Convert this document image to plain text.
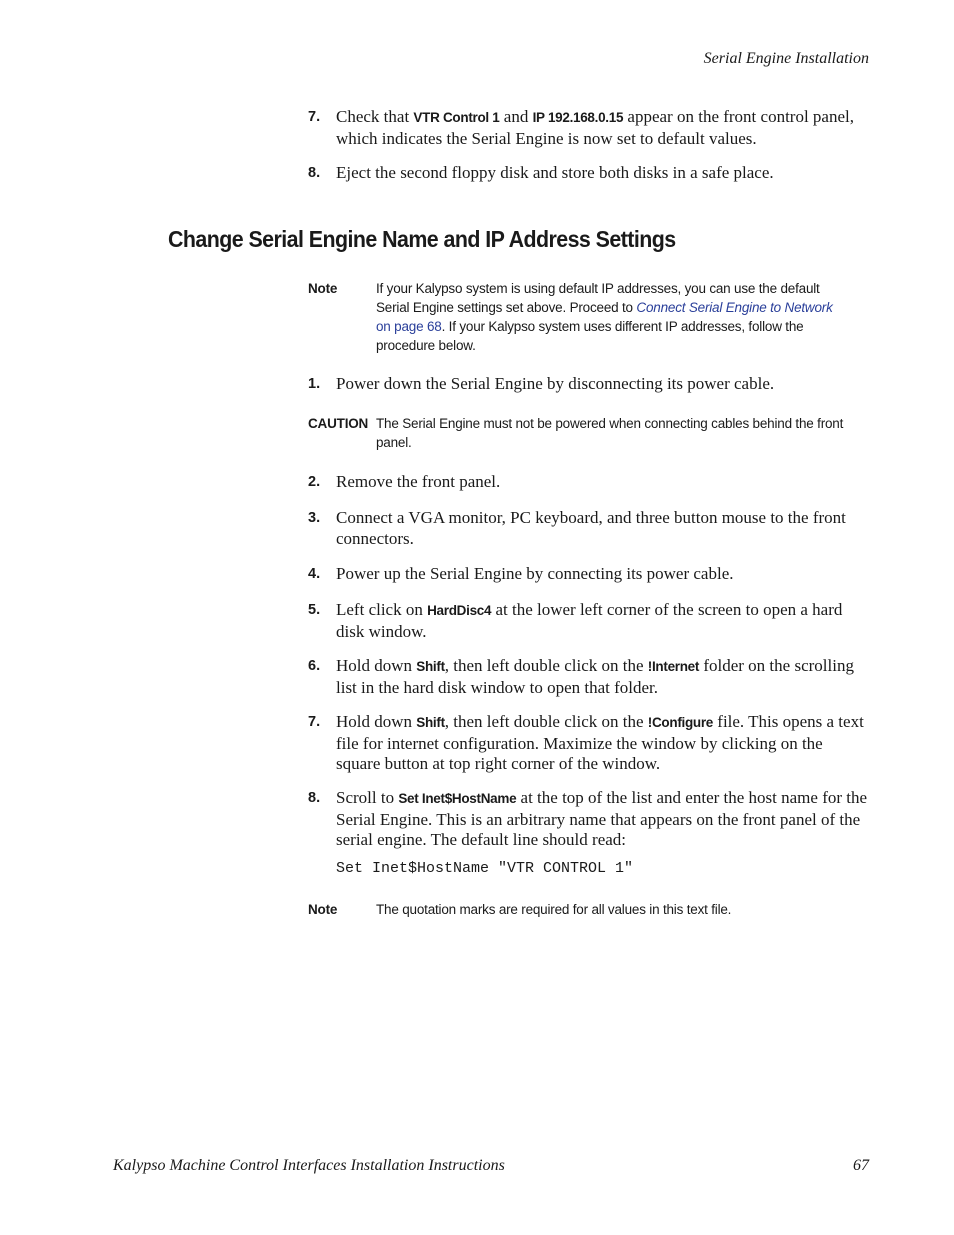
Serial Engine Installation
7. Check that VTR Control 1 and IP 192.168.0.15 appear on the front control panel, which indicates the Serial Engine is now set to default values.
8. Eject the second floppy disk and store both disks in a safe place.
Change Serial Engine Name and IP Address Settings
Note	If your Kalypso system is using default IP addresses, you can use the default Serial Engine settings set above. Proceed to Connect Serial Engine to Network on page 68. If your Kalypso system uses different IP addresses, follow the procedure below.
1. Power down the Serial Engine by disconnecting its power cable.
CAUTION The Serial Engine must not be powered when connecting cables behind the front panel.
2. Remove the front panel.
3. Connect a VGA monitor, PC keyboard, and three button mouse to the front connectors.
4. Power up the Serial Engine by connecting its power cable.
5. Left click on HardDisc4 at the lower left corner of the screen to open a hard disk window.
6. Hold down Shift, then left double click on the !Internet folder on the scrolling list in the hard disk window to open that folder.
7. Hold down Shift, then left double click on the !Configure file. This opens a text file for internet configuration. Maximize the window by clicking on the square button at top right corner of the window.
8. Scroll to Set Inet$HostName at the top of the list and enter the host name for the Serial Engine. This is an arbitrary name that appears on the front panel of the serial engine. The default line should read:
Set Inet$HostName "VTR CONTROL 1"
Note	The quotation marks are required for all values in this text file.
Kalypso Machine Control Interfaces Installation Instructions	67
